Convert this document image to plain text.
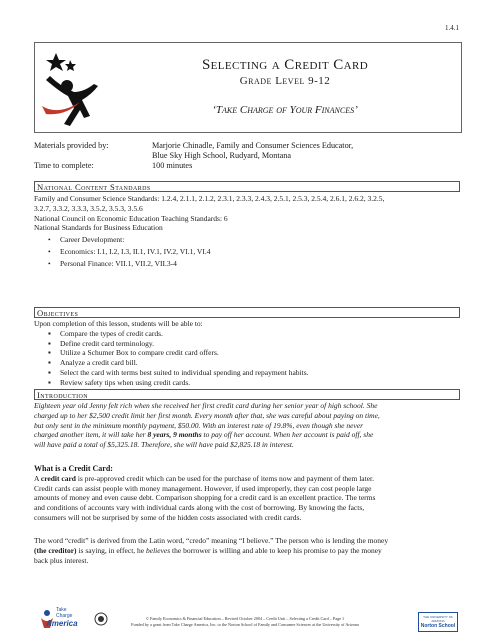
1.4.1
Selecting a Credit Card
Grade Level 9-12
‘Take Charge of Your Finances’
Materials provided by:	Marjorie Chinadle, Family and Consumer Sciences Educator,
Blue Sky High School, Rudyard, Montana
Time to complete:	100 minutes
National Content Standards
Family and Consumer Science Standards: 1.2.4, 2.1.1, 2.1.2, 2.3.1, 2.3.3, 2.4.3, 2.5.1, 2.5.3, 2.5.4, 2.6.1, 2.6.2, 3.2.5,
3.2.7, 3.3.2, 3.3.3, 3.5.2, 3.5.3, 3.5.6
National Council on Economic Education Teaching Standards: 6
National Standards for Business Education
• Career Development:
• Economics: I.1, I.2, I.3, II.1, IV.1, IV.2, VI.1, VI.4
• Personal Finance: VII.1, VII.2, VII.3-4
Objectives
Upon completion of this lesson, students will be able to:
▪ Compare the types of credit cards.
▪ Define credit card terminology.
▪ Utilize a Schumer Box to compare credit card offers.
▪ Analyze a credit card bill.
▪ Select the card with terms best suited to individual spending and repayment habits.
▪ Review safety tips when using credit cards.
Introduction
Eighteen year old Jenny felt rich when she received her first credit card during her senior year of high school. She
charged up to her $2,500 credit limit her first month. Every month after that, she was careful about paying on time,
but only sent in the minimum monthly payment, $50.00. With an interest rate of 19.8%, even though she never
charged another item, it will take her 8 years, 9 months to pay off her account. When her account is paid off, she
will have paid a total of $5,325.18. Therefore, she will have paid $2,825.18 in interest.
What is a Credit Card:
A credit card is pre-approved credit which can be used for the purchase of items now and payment of them later.
Credit cards can assist people with money management. However, if used improperly, they can cost people large
amounts of money and even cause debt. Comparison shopping for a credit card is an excellent practice. The terms
and conditions of accounts vary with individual cards along with the cost of borrowing. By knowing the facts,
consumers will not be surprised by some of the hidden costs associated with credit cards.
The word “credit” is derived from the Latin word, “credo” meaning “I believe.” The person who is lending the money
(the creditor) is saying, in effect, he believes the borrower is willing and able to keep his promise to pay the money
back plus interest.
Take
Charge
America
© Family Economics & Financial Education – Revised October 2004 – Credit Unit – Selecting a Credit Card – Page 1
Funded by a grant from Take Charge America, Inc. to the Norton School of Family and Consumer Sciences at the University of Arizona
THE UNIVERSITY OF ARIZONA
Norton School
